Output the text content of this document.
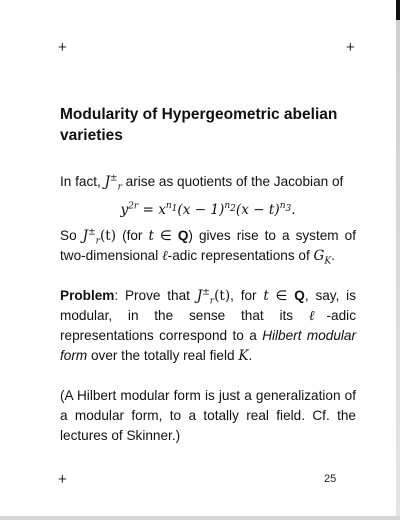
+	+
+	25
Modularity of Hypergeometric abelian varieties

In fact, $J^\pm_r$ arise as quotients of the Jacobian of

$y^{2r} = x^{n_1}(x - 1)^{n_2}(x - t)^{n_3}$.

So $J^\pm_r(t)$ (for t ∈ Q) gives rise to a system of two-dimensional ℓ-adic representations of $G_K$.

Problem: Prove that $J^\pm_r(t)$, for t ∈ Q, say, is modular, in the sense that its ℓ-adic representations correspond to a Hilbert modular form over the totally real field K.

(A Hilbert modular form is just a generalization of a modular form, to a totally real field. Cf. the lectures of Skinner.)
